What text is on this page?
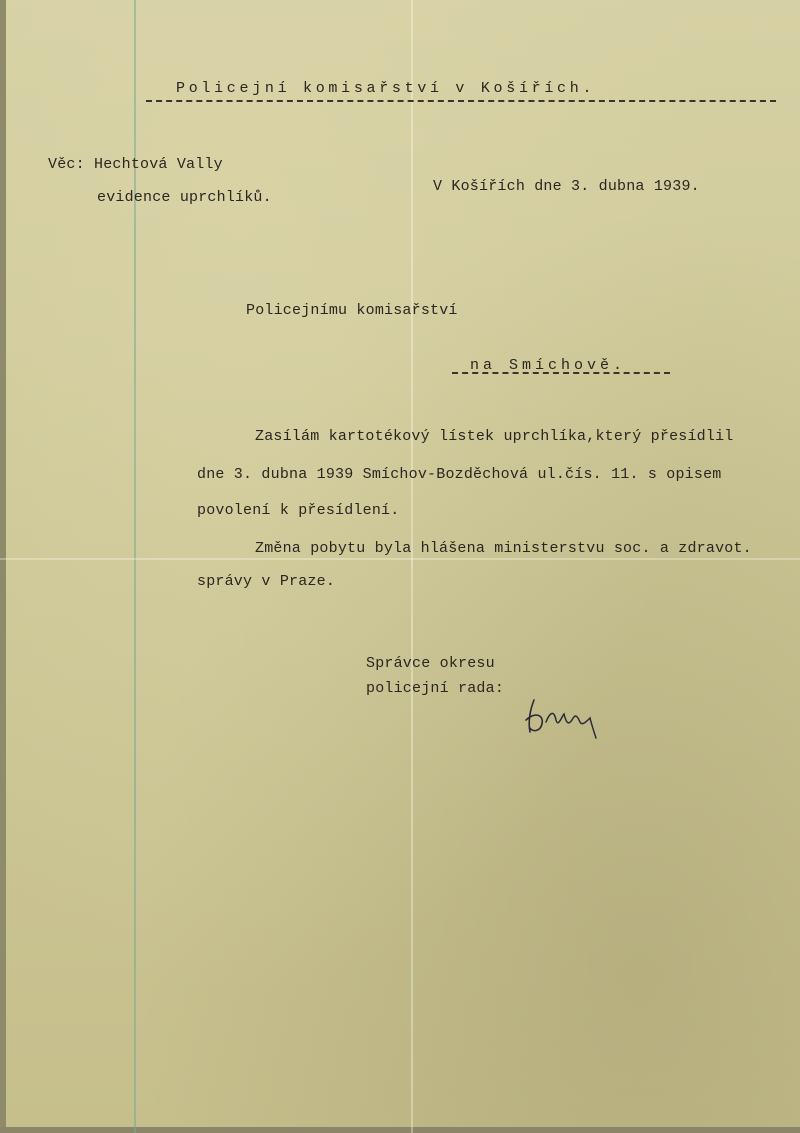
Policejní komisařství v Košířích.
Věc: Hechtová Vally
evidence uprchlíků.
V Košířích dne 3. dubna 1939.
Policejnímu komisařství
na Smíchově.
Zasílám kartotékový lístek uprchlíka,který přesídlil
dne 3. dubna 1939 Smíchov-Bozděchová ul.čís. 11. s opisem
povolení k přesídlení.
Změna pobytu byla hlášena ministerstvu soc. a zdravot.
správy v Praze.
Správce okresu
policejní rada:
